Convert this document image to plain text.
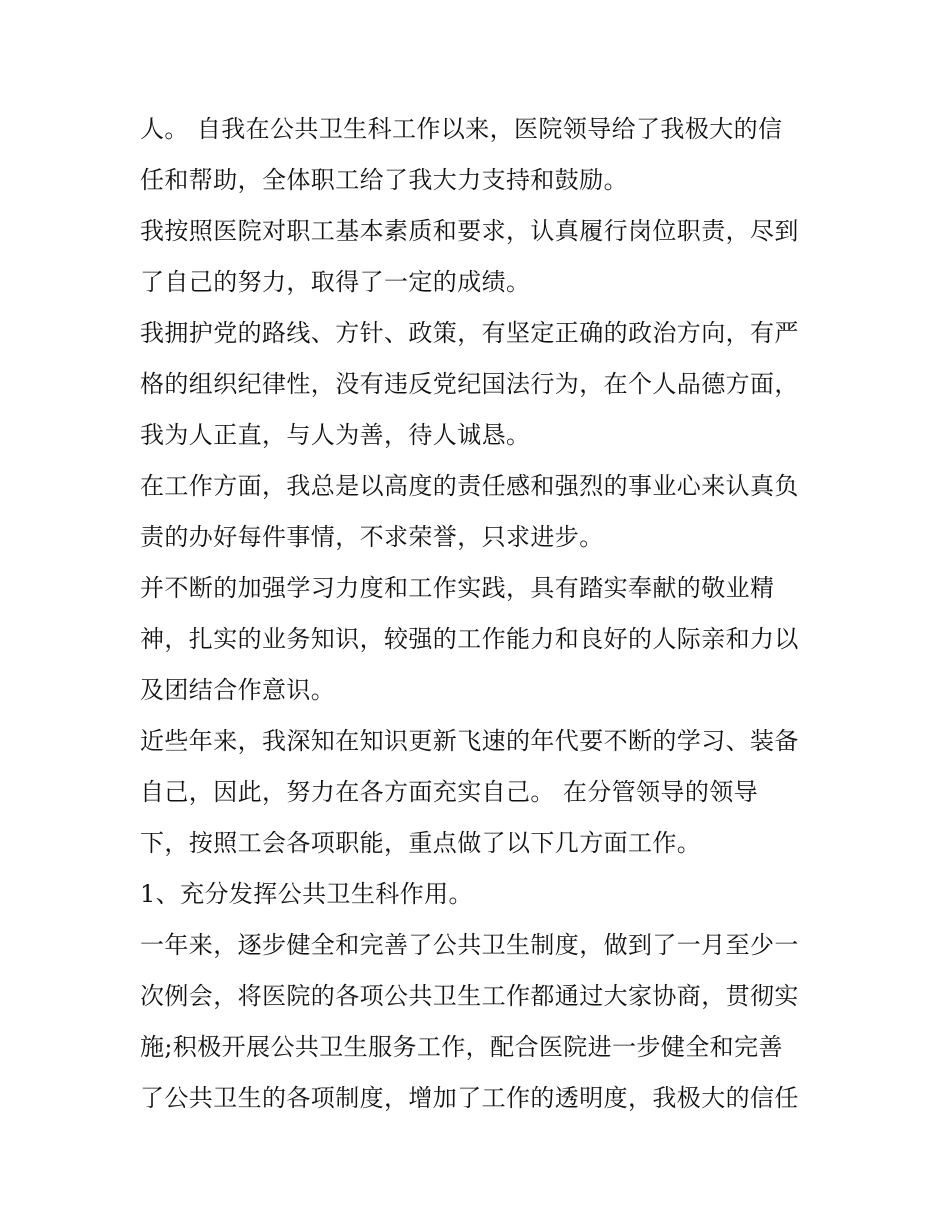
人。 自我在公共卫生科工作以来，医院领导给了我极大的信
任和帮助，全体职工给了我大力支持和鼓励。
我按照医院对职工基本素质和要求，认真履行岗位职责，尽到
了自己的努力，取得了一定的成绩。
我拥护党的路线、方针、政策，有坚定正确的政治方向，有严
格的组织纪律性，没有违反党纪国法行为，在个人品德方面，
我为人正直，与人为善，待人诚恳。
在工作方面，我总是以高度的责任感和强烈的事业心来认真负
责的办好每件事情，不求荣誉，只求进步。
并不断的加强学习力度和工作实践，具有踏实奉献的敬业精
神，扎实的业务知识，较强的工作能力和良好的人际亲和力以
及团结合作意识。
近些年来，我深知在知识更新飞速的年代要不断的学习、装备
自己，因此，努力在各方面充实自己。 在分管领导的领导
下，按照工会各项职能，重点做了以下几方面工作。
1、充分发挥公共卫生科作用。
一年来，逐步健全和完善了公共卫生制度，做到了一月至少一
次例会，将医院的各项公共卫生工作都通过大家协商，贯彻实
施;积极开展公共卫生服务工作，配合医院进一步健全和完善
了公共卫生的各项制度，增加了工作的透明度，我极大的信任
